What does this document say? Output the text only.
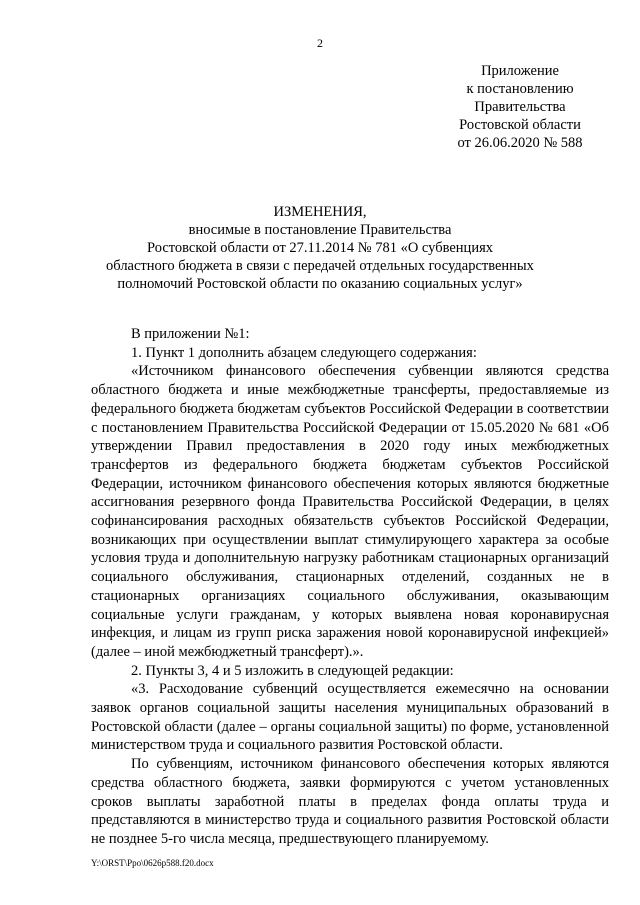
2
Приложение
к постановлению
Правительства
Ростовской области
от 26.06.2020 № 588
ИЗМЕНЕНИЯ,
вносимые в постановление Правительства
Ростовской области от 27.11.2014 № 781 «О субвенциях
областного бюджета в связи с передачей отдельных государственных
полномочий Ростовской области по оказанию социальных услуг»

В приложении №1:

1. Пункт 1 дополнить абзацем следующего содержания:

«Источником финансового обеспечения субвенции являются средства областного бюджета и иные межбюджетные трансферты, предоставляемые из федерального бюджета бюджетам субъектов Российской Федерации в соответствии с постановлением Правительства Российской Федерации от 15.05.2020 № 681 «Об утверждении Правил предоставления в 2020 году иных межбюджетных трансфертов из федерального бюджета бюджетам субъектов Российской Федерации, источником финансового обеспечения которых являются бюджетные ассигнования резервного фонда Правительства Российской Федерации, в целях софинансирования расходных обязательств субъектов Российской Федерации, возникающих при осуществлении выплат стимулирующего характера за особые условия труда и дополнительную нагрузку работникам стационарных организаций социального обслуживания, стационарных отделений, созданных не в стационарных организациях социального обслуживания, оказывающим социальные услуги гражданам, у которых выявлена новая коронавирусная инфекция, и лицам из групп риска заражения новой коронавирусной инфекцией» (далее – иной межбюджетный трансферт).».

2. Пункты 3, 4 и 5 изложить в следующей редакции:

«3. Расходование субвенций осуществляется ежемесячно на основании заявок органов социальной защиты населения муниципальных образований в Ростовской области (далее – органы социальной защиты) по форме, установленной министерством труда и социального развития Ростовской области.

По субвенциям, источником финансового обеспечения которых являются средства областного бюджета, заявки формируются с учетом установленных сроков выплаты заработной платы в пределах фонда оплаты труда и представляются в министерство труда и социального развития Ростовской области не позднее 5-го числа месяца, предшествующего планируемому.

Y:\ORST\Ppo\0626p588.f20.docx
